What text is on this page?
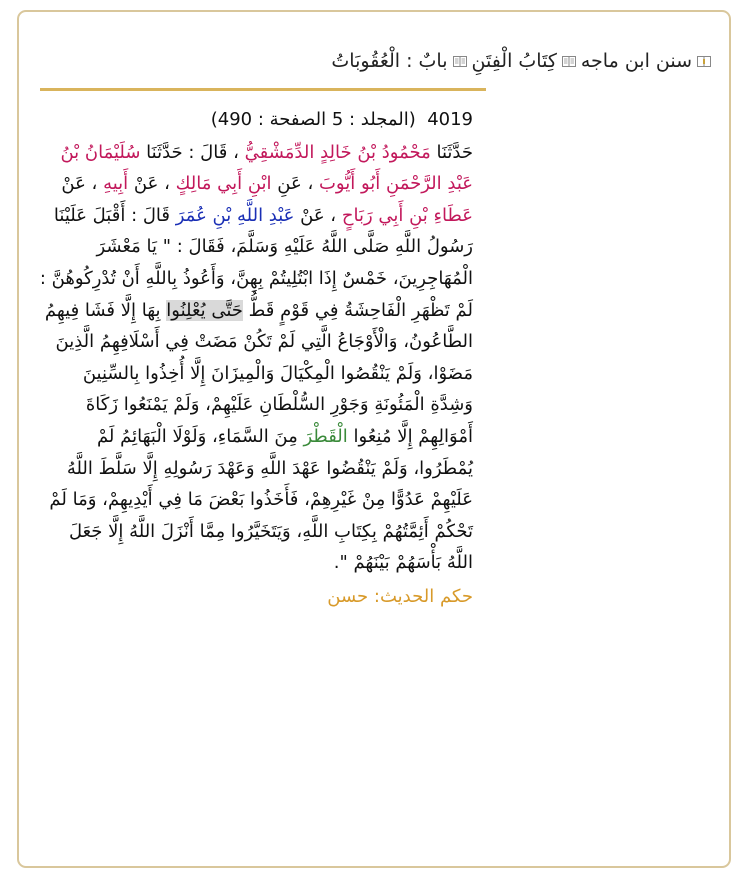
سنن ابن ماجه
كِتَابُ الْفِتَنِ
بابٌ : الْعُقُوبَاتُ
4019  (المجلد : 5 الصفحة : 490)
حَدَّثَنَا مَحْمُودُ بْنُ خَالِدٍ الدِّمَشْقِيُّ ، قَالَ : حَدَّثَنَا سُلَيْمَانُ بْنُ عَبْدِ الرَّحْمَنِ أَبُو أَيُّوبَ ، عَنِ ابْنِ أَبِي مَالِكٍ ، عَنْ أَبِيهِ ، عَنْ عَطَاءِ بْنِ أَبِي رَبَاحٍ ، عَنْ عَبْدِ اللَّهِ بْنِ عُمَرَ قَالَ : أَقْبَلَ عَلَيْنَا رَسُولُ اللَّهِ صَلَّى اللَّهُ عَلَيْهِ وَسَلَّمَ، فَقَالَ : " يَا مَعْشَرَ الْمُهَاجِرِينَ، خَمْسٌ إِذَا ابْتُلِيتُمْ بِهِنَّ، وَأَعُوذُ بِاللَّهِ أَنْ تُدْرِكُوهُنَّ : لَمْ تَظْهَرِ الْفَاحِشَةُ فِي قَوْمٍ قَطُّ حَتَّى يُعْلِنُوا بِهَا إِلَّا فَشَا فِيهِمُ الطَّاعُونُ، وَالْأَوْجَاعُ الَّتِي لَمْ تَكُنْ مَضَتْ فِي أَسْلَافِهِمُ الَّذِينَ مَضَوْا، وَلَمْ يَنْقُصُوا الْمِكْيَالَ وَالْمِيزَانَ إِلَّا أُخِذُوا بِالسِّنِينَ وَشِدَّةِ الْمَئُونَةِ وَجَوْرِ السُّلْطَانِ عَلَيْهِمْ، وَلَمْ يَمْنَعُوا زَكَاةَ أَمْوَالِهِمْ إِلَّا مُنِعُوا الْقَطْرَ مِنَ السَّمَاءِ، وَلَوْلَا الْبَهَائِمُ لَمْ يُمْطَرُوا، وَلَمْ يَنْقُضُوا عَهْدَ اللَّهِ وَعَهْدَ رَسُولِهِ إِلَّا سَلَّطَ اللَّهُ عَلَيْهِمْ عَدُوًّا مِنْ غَيْرِهِمْ، فَأَخَذُوا بَعْضَ مَا فِي أَيْدِيهِمْ، وَمَا لَمْ تَحْكُمْ أَئِمَّتُهُمْ بِكِتَابِ اللَّهِ، وَيَتَخَيَّرُوا مِمَّا أَنْزَلَ اللَّهُ إِلَّا جَعَلَ اللَّهُ بَأْسَهُمْ بَيْنَهُمْ ".
حكم الحديث: حسن
